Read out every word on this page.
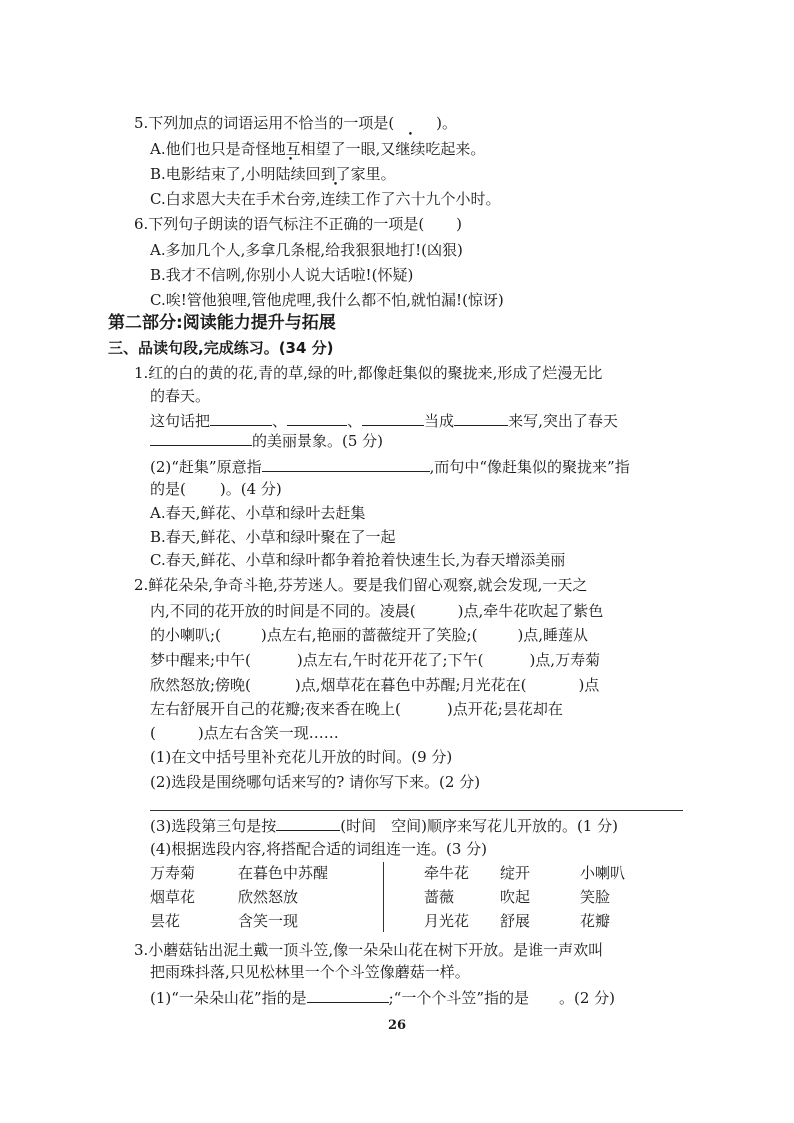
5.下列加点的词语运用不恰当的一项是(	)。
A.他们也只是奇怪地互相望了一眼,又继续 •吃起来。
B.电影结束了,小明陆续回到了家里。
C.白求恩大夫在手术台旁,连续工作了六十九个小时。
6.下列句子朗读的语气标注不正确的一项是( )
A.多加几个人,多拿几条棍,给我狠狠地打!(凶狠)
B.我才不信咧,你别小人说大话啦!(怀疑)
C.唉!管他狼哩,管他虎哩,我什么都不怕,就怕漏!(惊讶)
第二部分:阅读能力提升与拓展
三、品读句段,完成练习。(34 分)
1.红的白的黄的花,青的草,绿的叶,都像赶集似的聚拢来,形成了烂漫无比
的春天。
这句话把	、	、	当成	来写,突出了春天
的美丽景象。(5 分)
(2)“赶集”原意指	,而句中“像赶集似的聚拢来”指
的是( )。(4 分)
A.春天,鲜花、小草和绿叶去赶集
B.春天,鲜花、小草和绿叶聚在了一起
C.春天,鲜花、小草和绿叶都争着抢着快速生长,为春天增添美丽
2.鲜花朵朵,争奇斗艳,芬芳迷人。要是我们留心观察,就会发现,一天之
内,不同的花开放的时间是不同的。凌晨(	)点,牵牛花吹起了紫色
的小喇叭;(	)点左右,艳丽的蔷薇绽开了笑脸;(	)点,睡莲从
梦中醒来;中午(	)点左右,午时花开花了;下午(	)点,万寿菊
欣然怒放;傍晚(	)点,烟草花在暮色中苏醒;月光花在(	)点
左右舒展开自己的花瓣;夜来香在晚上(	)点开花;昙花却在
(	)点左右含笑一现……
(1)在文中括号里补充花儿开放的时间。(9 分)
(2)选段是围绕哪句话来写的? 请你写下来。(2 分)
(3)选段第三句是按	(时间　空间)顺序来写花儿开放的。(1 分)
(4)根据选段内容,将搭配合适的词组连一连。(3 分)
万寿菊	在暮色中苏醒
烟草花	欣然怒放
昙花	含笑一现
牵牛花 绽开	小喇叭
蔷薇	吹起	笑脸
月光花 舒展	花瓣
3.小蘑菇钻出泥土戴一顶斗笠,像一朵朵山花在树下开放。是谁一声欢叫
把雨珠抖落,只见松林里一个个斗笠像蘑菇一样。
(1)“一朵朵山花”指的是	;“一个个斗笠”指的是 。(2 分)
26
